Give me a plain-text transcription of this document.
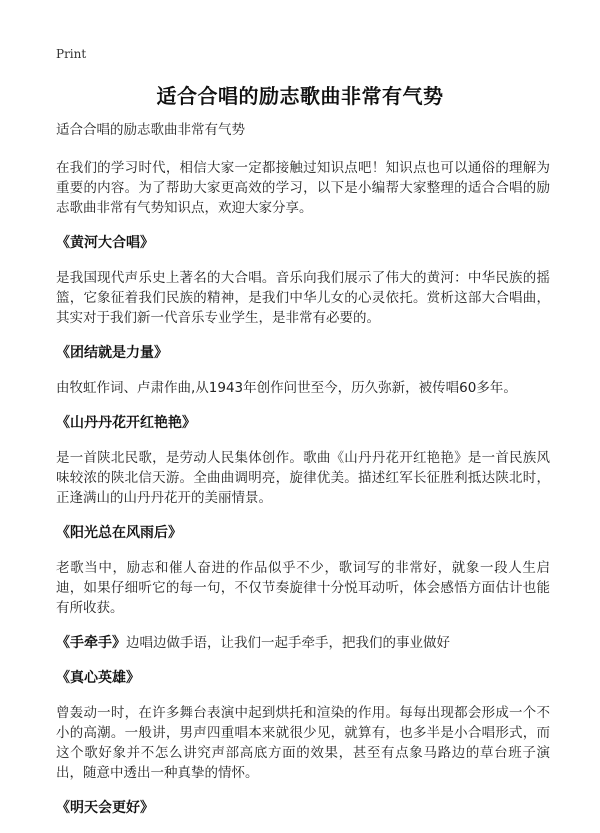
Print
适合合唱的励志歌曲非常有气势

适合合唱的励志歌曲非常有气势

在我们的学习时代，相信大家一定都接触过知识点吧！知识点也可以通俗的理解为重要的内容。为了帮助大家更高效的学习，以下是小编帮大家整理的适合合唱的励志歌曲非常有气势知识点，欢迎大家分享。

《黄河大合唱》

是我国现代声乐史上著名的大合唱。音乐向我们展示了伟大的黄河：中华民族的摇篮，它象征着我们民族的精神，是我们中华儿女的心灵依托。赏析这部大合唱曲，其实对于我们新一代音乐专业学生，是非常有必要的。

《团结就是力量》

由牧虹作词、卢肃作曲,从1943年创作问世至今，历久弥新，被传唱60多年。

《山丹丹花开红艳艳》

是一首陕北民歌，是劳动人民集体创作。歌曲《山丹丹花开红艳艳》是一首民族风味较浓的陕北信天游。全曲曲调明亮，旋律优美。描述红军长征胜利抵达陕北时，正逢满山的山丹丹花开的美丽情景。

《阳光总在风雨后》

老歌当中，励志和催人奋进的作品似乎不少，歌词写的非常好，就象一段人生启迪，如果仔细听它的每一句，不仅节奏旋律十分悦耳动听，体会感悟方面估计也能有所收获。

《手牵手》边唱边做手语，让我们一起手牵手，把我们的事业做好

《真心英雄》

曾轰动一时，在许多舞台表演中起到烘托和渲染的作用。每每出现都会形成一个不小的高潮。一般讲，男声四重唱本来就很少见，就算有，也多半是小合唱形式，而这个歌好象并不怎么讲究声部高底方面的效果，甚至有点象马路边的草台班子演出，随意中透出一种真挚的情怀。

《明天会更好》
